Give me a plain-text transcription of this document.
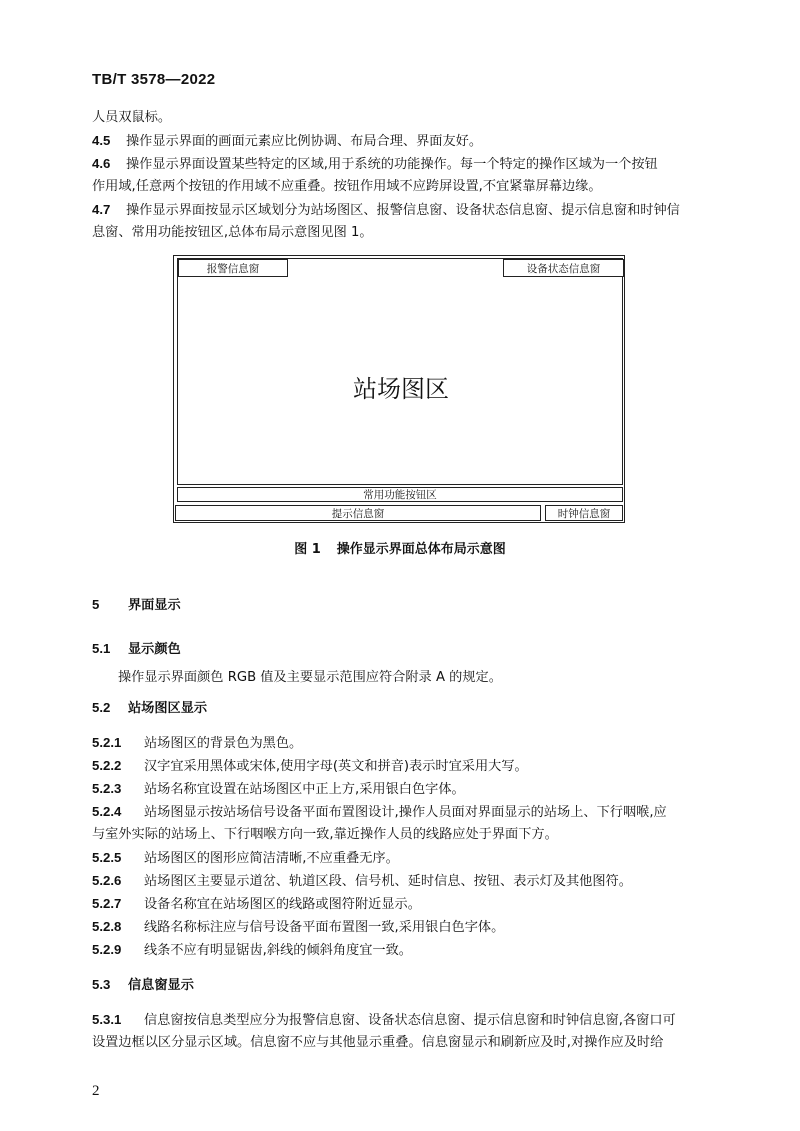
TB/T 3578—2022
人员双鼠标。
4.5 操作显示界面的画面元素应比例协调、布局合理、界面友好。
4.6 操作显示界面设置某些特定的区域,用于系统的功能操作。每一个特定的操作区域为一个按钮
作用域,任意两个按钮的作用域不应重叠。按钮作用域不应跨屏设置,不宜紧靠屏幕边缘。
4.7 操作显示界面按显示区域划分为站场图区、报警信息窗、设备状态信息窗、提示信息窗和时钟信
息窗、常用功能按钮区,总体布局示意图见图 1。
报警信息窗	设备状态信息窗
站场图区
常用功能按钮区
提示信息窗	时钟信息窗
图 1 操作显示界面总体布局示意图
5 界面显示
5.1 显示颜色
操作显示界面颜色 RGB 值及主要显示范围应符合附录 A 的规定。
5.2 站场图区显示
5.2.1 站场图区的背景色为黑色。
5.2.2 汉字宜采用黑体或宋体,使用字母(英文和拼音)表示时宜采用大写。
5.2.3 站场名称宜设置在站场图区中正上方,采用银白色字体。
5.2.4 站场图显示按站场信号设备平面布置图设计,操作人员面对界面显示的站场上、下行咽喉,应
与室外实际的站场上、下行咽喉方向一致,靠近操作人员的线路应处于界面下方。
5.2.5 站场图区的图形应简洁清晰,不应重叠无序。
5.2.6 站场图区主要显示道岔、轨道区段、信号机、延时信息、按钮、表示灯及其他图符。
5.2.7 设备名称宜在站场图区的线路或图符附近显示。
5.2.8 线路名称标注应与信号设备平面布置图一致,采用银白色字体。
5.2.9 线条不应有明显锯齿,斜线的倾斜角度宜一致。
5.3 信息窗显示
5.3.1 信息窗按信息类型应分为报警信息窗、设备状态信息窗、提示信息窗和时钟信息窗,各窗口可
设置边框以区分显示区域。信息窗不应与其他显示重叠。信息窗显示和刷新应及时,对操作应及时给
2
